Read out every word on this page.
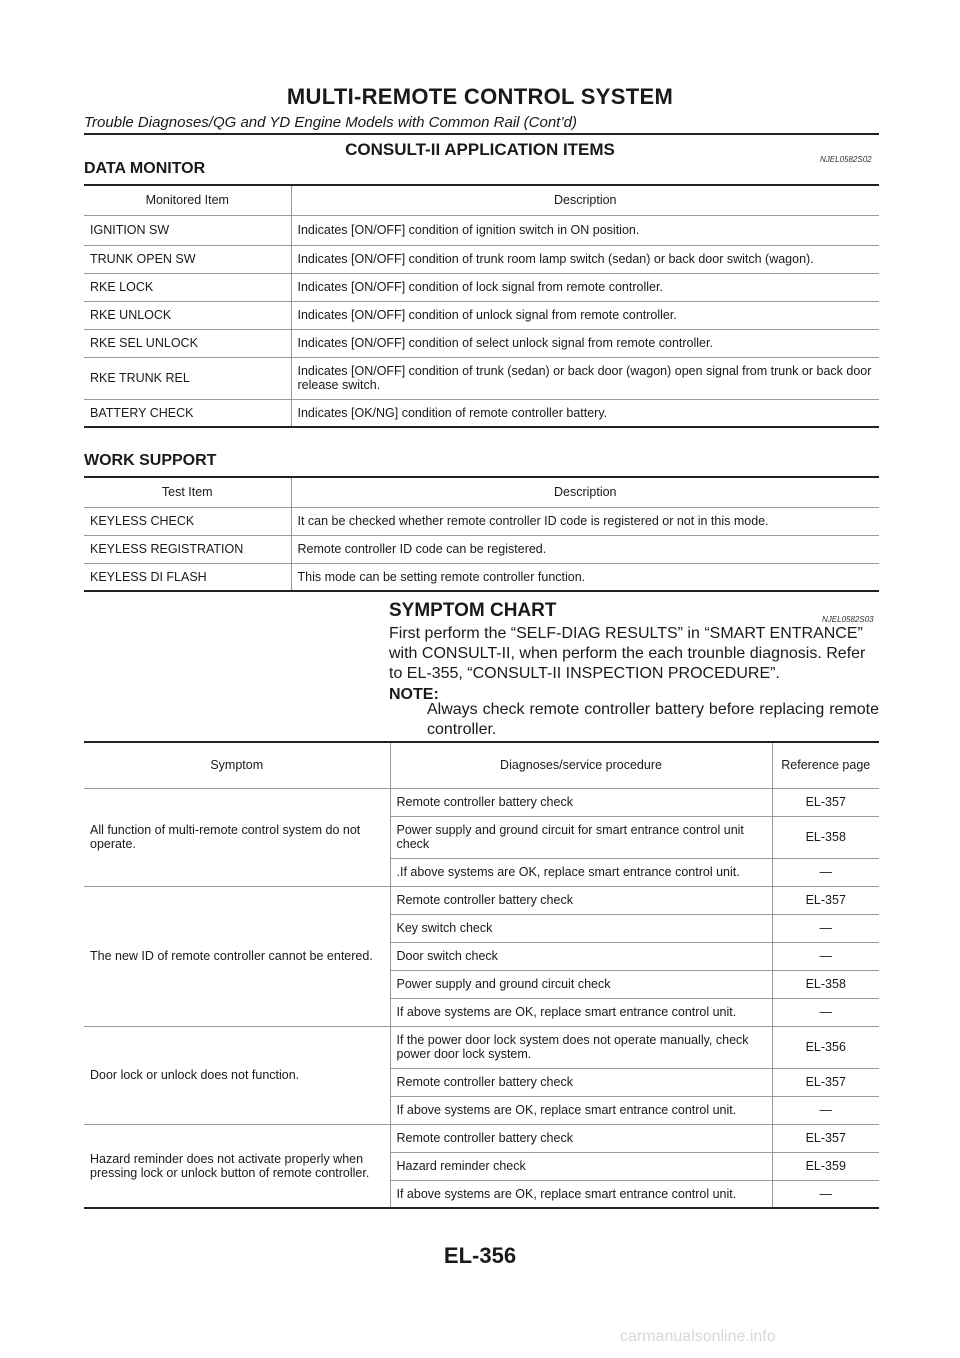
MULTI-REMOTE CONTROL SYSTEM
Trouble Diagnoses/QG and YD Engine Models with Common Rail (Cont’d)
CONSULT-II APPLICATION ITEMS
NJEL0582S02
DATA MONITOR
Monitored Item	Description
IGNITION SW	Indicates [ON/OFF] condition of ignition switch in ON position.
TRUNK OPEN SW	Indicates [ON/OFF] condition of trunk room lamp switch (sedan) or back door switch (wagon).
RKE LOCK	Indicates [ON/OFF] condition of lock signal from remote controller.
RKE UNLOCK	Indicates [ON/OFF] condition of unlock signal from remote controller.
RKE SEL UNLOCK	Indicates [ON/OFF] condition of select unlock signal from remote controller.
RKE TRUNK REL	Indicates [ON/OFF] condition of trunk (sedan) or back door (wagon) open signal from trunk or back door release switch.
BATTERY CHECK	Indicates [OK/NG] condition of remote controller battery.
WORK SUPPORT
Test Item	Description
KEYLESS CHECK	It can be checked whether remote controller ID code is registered or not in this mode.
KEYLESS REGISTRATION	Remote controller ID code can be registered.
KEYLESS DI FLASH	This mode can be setting remote controller function.
SYMPTOM CHART	NJEL0582S03
First perform the “SELF-DIAG RESULTS” in “SMART ENTRANCE” with CONSULT-II, when perform the each trounble diagnosis. Refer to EL-355, “CONSULT-II INSPECTION PROCEDURE”.
NOTE:
Always check remote controller battery before replacing remote controller.
Symptom	Diagnoses/service procedure	Reference page
All function of multi-remote control system do not operate.	Remote controller battery check	EL-357
	Power supply and ground circuit for smart entrance control unit check	EL-358
	.If above systems are OK, replace smart entrance control unit.	—
The new ID of remote controller cannot be entered.	Remote controller battery check	EL-357
	Key switch check	—
	Door switch check	—
	Power supply and ground circuit check	EL-358
	If above systems are OK, replace smart entrance control unit.	—
Door lock or unlock does not function.	If the power door lock system does not operate manually, check power door lock system.	EL-356
	Remote controller battery check	EL-357
	If above systems are OK, replace smart entrance control unit.	—
Hazard reminder does not activate properly when pressing lock or unlock button of remote controller.	Remote controller battery check	EL-357
	Hazard reminder check	EL-359
	If above systems are OK, replace smart entrance control unit.	—
EL-356
carmanualsonline.info
